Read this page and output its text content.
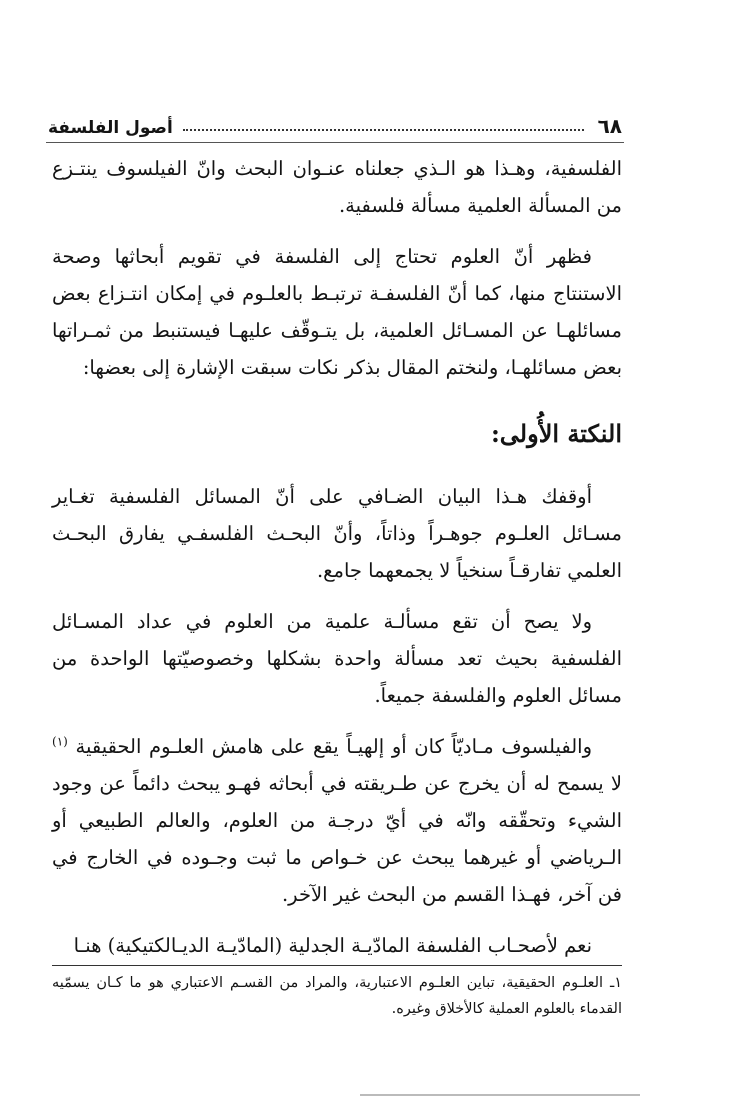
٦٨
أصول الفلسفة

الفلسفية، وهـذا هو الـذي جعلناه عنـوان البحث وانّ الفيلسوف ينتـزع من المسألة العلمية مسألة فلسفية.

فظهر أنّ العلوم تحتاج إلى الفلسفة في تقويم أبحاثها وصحة الاستنتاج منها، كما أنّ الفلسفـة ترتبـط بالعلـوم في إمكان انتـزاع بعض مسائلهـا عن المسـائل العلمية، بل يتـوقّف عليهـا فيستنبط من ثمـراتها بعض مسائلهـا، ولنختم المقال بذكر نكات سبقت الإشارة إلى بعضها:

النكتة الأُولى:

أوقفك هـذا البيان الضـافي على أنّ المسائل الفلسفية تغـاير مسـائل العلـوم جوهـراً وذاتاً، وأنّ البحـث الفلسفـي يفارق البحـث العلمي تفارقـاً سنخياً لا يجمعهما جامع.

ولا يصح أن تقع مسألـة علمية من العلوم في عداد المسـائل الفلسفية بحيث تعد مسألة واحدة بشكلها وخصوصيّتها الواحدة من مسائل العلوم والفلسفة جميعاً.

والفيلسوف مـاديّاً كان أو إلهيـاً يقع على هامش العلـوم الحقيقية $^{(١)}$ لا يسمح له أن يخرج عن طـريقته في أبحاثه فهـو يبحث دائماً عن وجود الشيء وتحقّقه وانّه في أيّ درجـة من العلوم، والعالم الطبيعي أو الـرياضي أو غيرهما يبحث عن خـواص ما ثبت وجـوده في الخارج في فن آخر، فهـذا القسم من البحث غير الآخر.

نعم لأصحـاب الفلسفة المادّيـة الجدلية (المادّيـة الديـالكتيكية) هنـا

١ـ العلـوم الحقيقية، تباين العلـوم الاعتبارية، والمراد من القسـم الاعتباري هو ما كـان يسمّيه القدماء بالعلوم العملية كالأخلاق وغيره.
